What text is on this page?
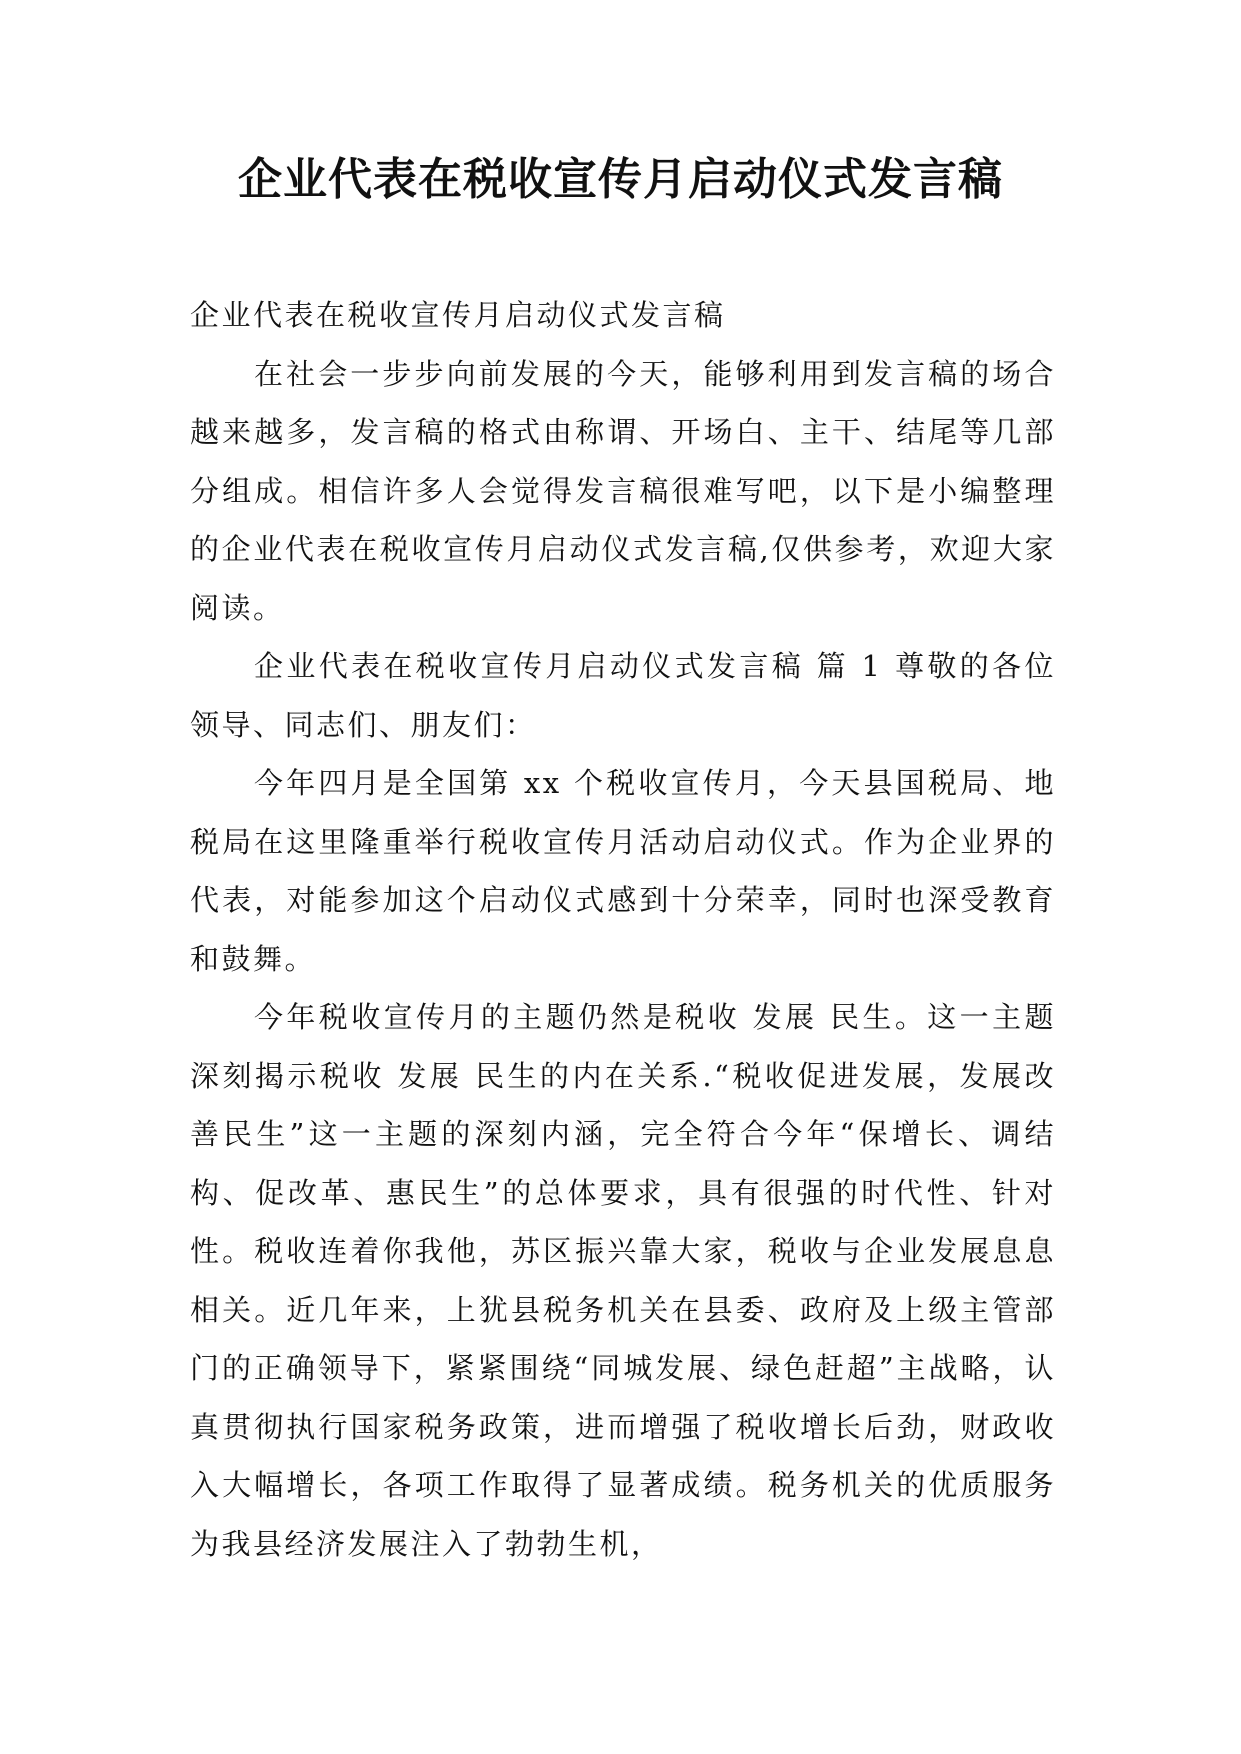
企业代表在税收宣传月启动仪式发言稿

企业代表在税收宣传月启动仪式发言稿

在社会一步步向前发展的今天，能够利用到发言稿的场合越来越多，发言稿的格式由称谓、开场白、主干、结尾等几部分组成。相信许多人会觉得发言稿很难写吧，以下是小编整理的企业代表在税收宣传月启动仪式发言稿,仅供参考，欢迎大家阅读。

企业代表在税收宣传月启动仪式发言稿 篇 1 尊敬的各位领导、同志们、朋友们：

今年四月是全国第 xx 个税收宣传月，今天县国税局、地税局在这里隆重举行税收宣传月活动启动仪式。作为企业界的代表，对能参加这个启动仪式感到十分荣幸，同时也深受教育和鼓舞。

今年税收宣传月的主题仍然是税收 发展 民生。这一主题深刻揭示税收 发展 民生的内在关系.“税收促进发展，发展改善民生”这一主题的深刻内涵，完全符合今年“保增长、调结构、促改革、惠民生”的总体要求，具有很强的时代性、针对性。税收连着你我他，苏区振兴靠大家，税收与企业发展息息相关。近几年来，上犹县税务机关在县委、政府及上级主管部门的正确领导下，紧紧围绕“同城发展、绿色赶超”主战略，认真贯彻执行国家税务政策，进而增强了税收增长后劲，财政收入大幅增长，各项工作取得了显著成绩。税务机关的优质服务为我县经济发展注入了勃勃生机，
